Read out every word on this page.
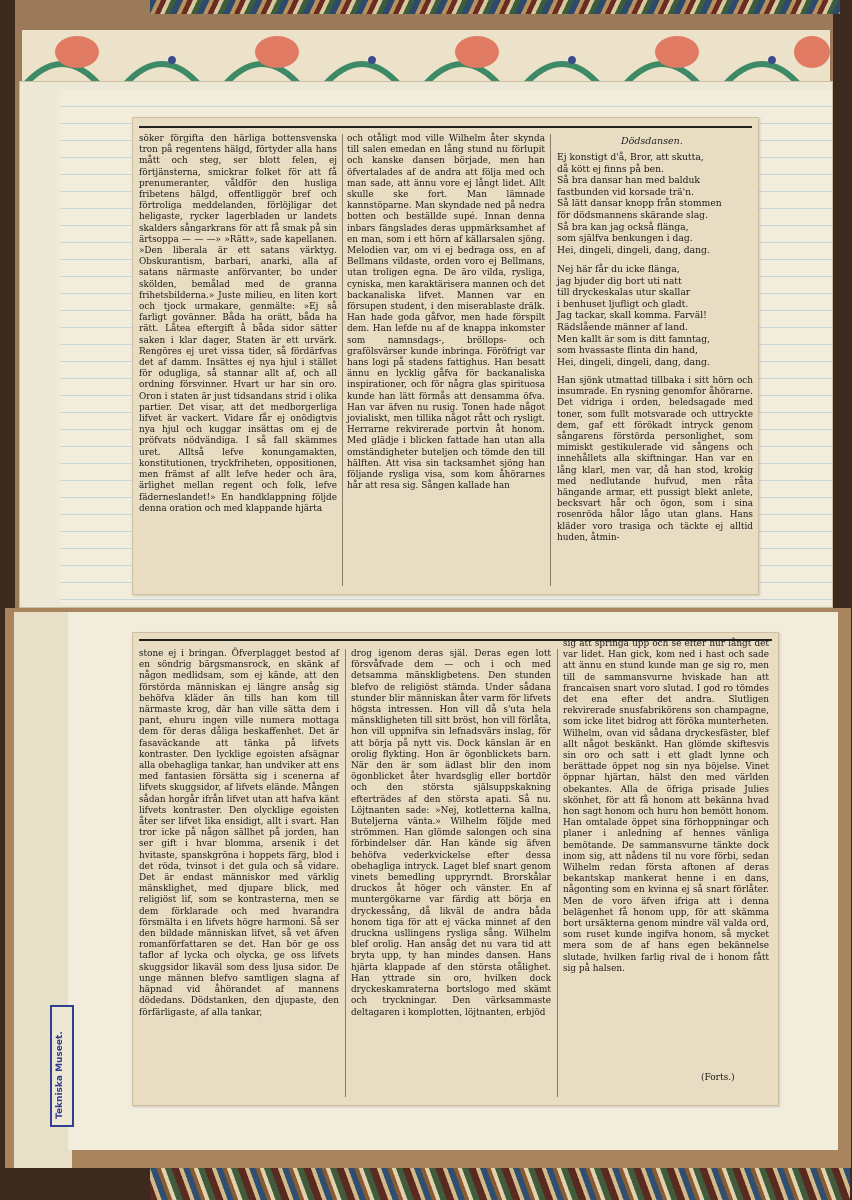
söker förgifta den härliga bottensvenska tron på regentens hälgd, förtyder alla hans mått och steg, ser blott felen, ej förtjänsterna, smickrar folket för att få prenumeranter, våldför den husliga fribetens hälgd, offentliggör bref och förtroliga meddelanden, förlöjligar det heligaste, rycker lagerbladen ur landets skalders sångarkrans för att få smak på sin ärtsoppa — — —» »Rätt», sade kapellanen. »Den liberala är ett satans värktyg. Obskurantism, barbari, anarki, alla af satans närmaste anförvanter, bo under skölden, bemålad med de granna frihetsbilderna.» Juste milieu, en liten kort och tjock urmakare, genmälte: »Ej så farligt govänner. Båda ha orätt, båda ha rätt. Låtea eftergift å båda sidor sätter saken i klar dager, Staten är ett urvärk. Rengöres ej uret vissa tider, så fördärfvas det af damm. Insättes ej nya hjul i stället för odugliga, så stannar allt af, och all ordning försvinner. Hvart ur har sin oro. Oron i staten är just tidsandans strid i olika partier. Det visar, att det medborgerliga lifvet är vackert. Vidare får ej onödigtvis nya hjul och kuggar insättas om ej de pröfvats nödvändiga. I så fall skämmes uret. Alltså lefve konungamakten, konstitutionen, tryckfriheten, oppositionen, men främst af allt lefve heder och ära, ärlighet mellan regent och folk, lefve fäderneslandet!» En handklappning följde denna oration och med klappande hjärta
och otåligt mod ville Wilhelm åter skynda till salen emedan en lång stund nu förlupit och kanske dansen började, men han öfvertalades af de andra att följa med och man sade, att ännu vore ej långt lidet. Allt skulle ske fort. Man lämnade kannstöparne. Man skyndade ned på nedra botten och beställde supé. Innan denna inbars fängslades deras uppmärksamhet af en man, som i ett hörn af källarsalen sjöng. Melodien var, om vi ej bedraga oss, en af Bellmans vildaste, orden voro ej Bellmans, utan troligen egna. De äro vilda, rysliga, cyniska, men karaktärisera mannen och det backanaliska lifvet. Mannen var en försupen student, i den miserablaste drälk. Han hade goda gåfvor, men hade förspilt dem. Han lefde nu af de knappa inkomster som namnsdags-, bröllops- och grafölsvärser kunde inbringa. Föröfrigt var hans logi på stadens fattighus. Han besatt ännu en lycklig gåfva för backanaliska inspirationer, och för några glas spirituosa kunde han lätt förmås att densamma öfva. Han var äfven nu rusig. Tonen hade något jovialiskt, men tillika något rått och rysligt. Herrarne rekvirerade portvin åt honom. Med glädje i blicken fattade han utan alla omständigheter buteljen och tömde den till hälften. Att visa sin tacksamhet sjöng han följande rysliga visa, som kom åhörarnes hår att resa sig. Sången kallade han
Dödsdansen.
Ej konstigt d'å, Bror, att skutta,
då kött ej finns på ben.
Så bra dansar han med balduk
fastbunden vid korsade trä'n.
Så lätt dansar knopp från stommen
för dödsmannens skärande slag.
Så bra kan jag också flänga,
som själfva benkungen i dag.
Hei, dingeli, dingeli, dang, dang.
Nej här får du icke flänga,
jag bjuder dig bort uti natt
till dryckeskalas utur skallar
i benhuset ljufligt och gladt.
Jag tackar, skall komma. Farväl!
Rädslående männer af land.
Men kallt är som is ditt famntag,
som hvassaste flinta din hand,
Hei, dingeli, dingeli, dang, dang.
Han sjönk utmattad tillbaka i sitt hörn och insumrade. En rysning genomfor åhörarne. Det vidriga i orden, beledsagade med toner, som fullt motsvarade och uttryckte dem, gaf ett förökadt intryck genom sångarens förstörda personlighet, som mimiskt gestikulerade vid sångens och innehållets alla skiftningar. Han var en lång klarl, men var, då han stod, krokig med nedlutande hufvud, men råta hängande armar, ett pussigt blekt anlete, becksvart hår och ögon, som i sina rosenröda hålor lågo utan glans. Hans kläder voro trasiga och täckte ej alltid huden, åtmin-
stone ej i bringan. Öfverplagget bestod af en söndrig bärgsmansrock, en skänk af någon medlidsam, som ej kände, att den förstörda människan ej längre ansåg sig behöfva kläder än tills han kom till närmaste krog, där han ville sätta dem i pant, ehuru ingen ville numera mottaga dem för deras dåliga beskaffenhet. Det är fasaväckande att tänka på lifvets kontraster. Den lycklige egoisten afsägnar alla obehagliga tankar, han undviker att ens med fantasien försätta sig i scenerna af lifvets skuggsidor, af lifvets elände. Mången sådan horgår ifrån lifvet utan att hafva känt lifvets kontraster. Den olycklige egoisten åter ser lifvet lika ensidigt, allt i svart. Han tror icke på någon sällhet på jorden, han ser gift i hvar blomma, arsenik i det hvitaste, spanskgröna i hoppets färg, blod i det röda, tvinsot i det gula och så vidare. Det är endast människor med värklig mänsklighet, med djupare blick, med religiöst lif, som se kontrasterna, men se dem förklarade och med hvarandra försmälta i en lifvets högre harmoni. Så ser den bildade människan lifvet, så vet äfven romanförfattaren se det. Han bör ge oss taflor af lycka och olycka, ge oss lifvets skuggsidor likaväl som dess ljusa sidor. De unge männen blefvo samtligen slagna af häpnad vid åhörandet af mannens dödedans. Dödstanken, den djupaste, den förfärligaste, af alla tankar,
drog igenom deras själ. Deras egen lott försvåfvade dem — och i och med detsamma mänskligbetens. Den stunden blefvo de religiöst stämda. Under sådana stunder blir människan åter varm för lifvets högsta intressen. Hon vill då s'uta hela mänskligheten till sitt bröst, hon vill förlåta, hon vill uppnifva sin lefnadsvärs inslag, för att börja på nytt vis. Dock känslan är en orolig flykting. Hon är ögonblickets barn. När den är som ädlast blir den inom ögonblicket åter hvardsglig eller bortdör och den största själsuppskakning efterträdes af den största apati. Så nu. Löjtnanten sade: »Nej, kotletterna kallna, Buteljerna vänta.» Wilhelm följde med strömmen. Han glömde salongen och sina förbindelser där. Han kände sig äfven behöfva vederkvickelse efter dessa obehagliga intryck. Laget blef snart genom vinets bemedling uppryrndt. Brorskålar druckos åt höger och vänster. En af muntergökarne var färdig att börja en dryckessång, då likväl de andra båda honom tiga för att ej väcka minnet af den druckna usllingens rysliga sång. Wilhelm blef orolig. Han ansåg det nu vara tid att bryta upp, ty han mindes dansen. Hans hjärta klappade af den största otålighet. Han yttrade sin oro, hvilken dock dryckeskamraterna bortslogo med skämt och tryckningar. Den värksammaste deltagaren i komplotten, löjtnanten, erbjöd
sig att springa upp och se efter hur långt det var lidet. Han gick, kom ned i hast och sade att ännu en stund kunde man ge sig ro, men till de sammansvurne hviskade han att francaisen snart voro slutad. I god ro tömdes det ena efter det andra. Slutligen rekvirerade snusfabrikörens son champagne, som icke litet bidrog att föröka munterheten. Wilhelm, ovan vid sådana dryckesfäster, blef allt något beskänkt. Han glömde skiftesvis sin oro och satt i ett gladt lynne och berättade öppet nog sin nya böjelse. Vinet öppnar hjärtan, hälst den med världen obekantes. Alla de öfriga prisade Julies skönhet, för att få honom att bekänna hvad hon sagt honom och huru hon bemött honom. Han omtalade öppet sina förhoppningar och planer i anledning af hennes vänliga bemötande. De sammansvurne tänkte dock inom sig, att nådens til nu vore förbi, sedan Wilhelm redan första aftonen af deras bekantskap mankerat henne i en dans, någonting som en kvinna ej så snart förlåter. Men de voro äfven ifriga att i denna belägenhet få honom upp, för att skämma bort ursäkterna genom mindre väl valda ord, som ruset kunde ingifva honom, så mycket mera som de af hans egen bekännelse slutade, hvilken farlig rival de i honom fått sig på halsen.
(Forts.)
Tekniska Museet.
